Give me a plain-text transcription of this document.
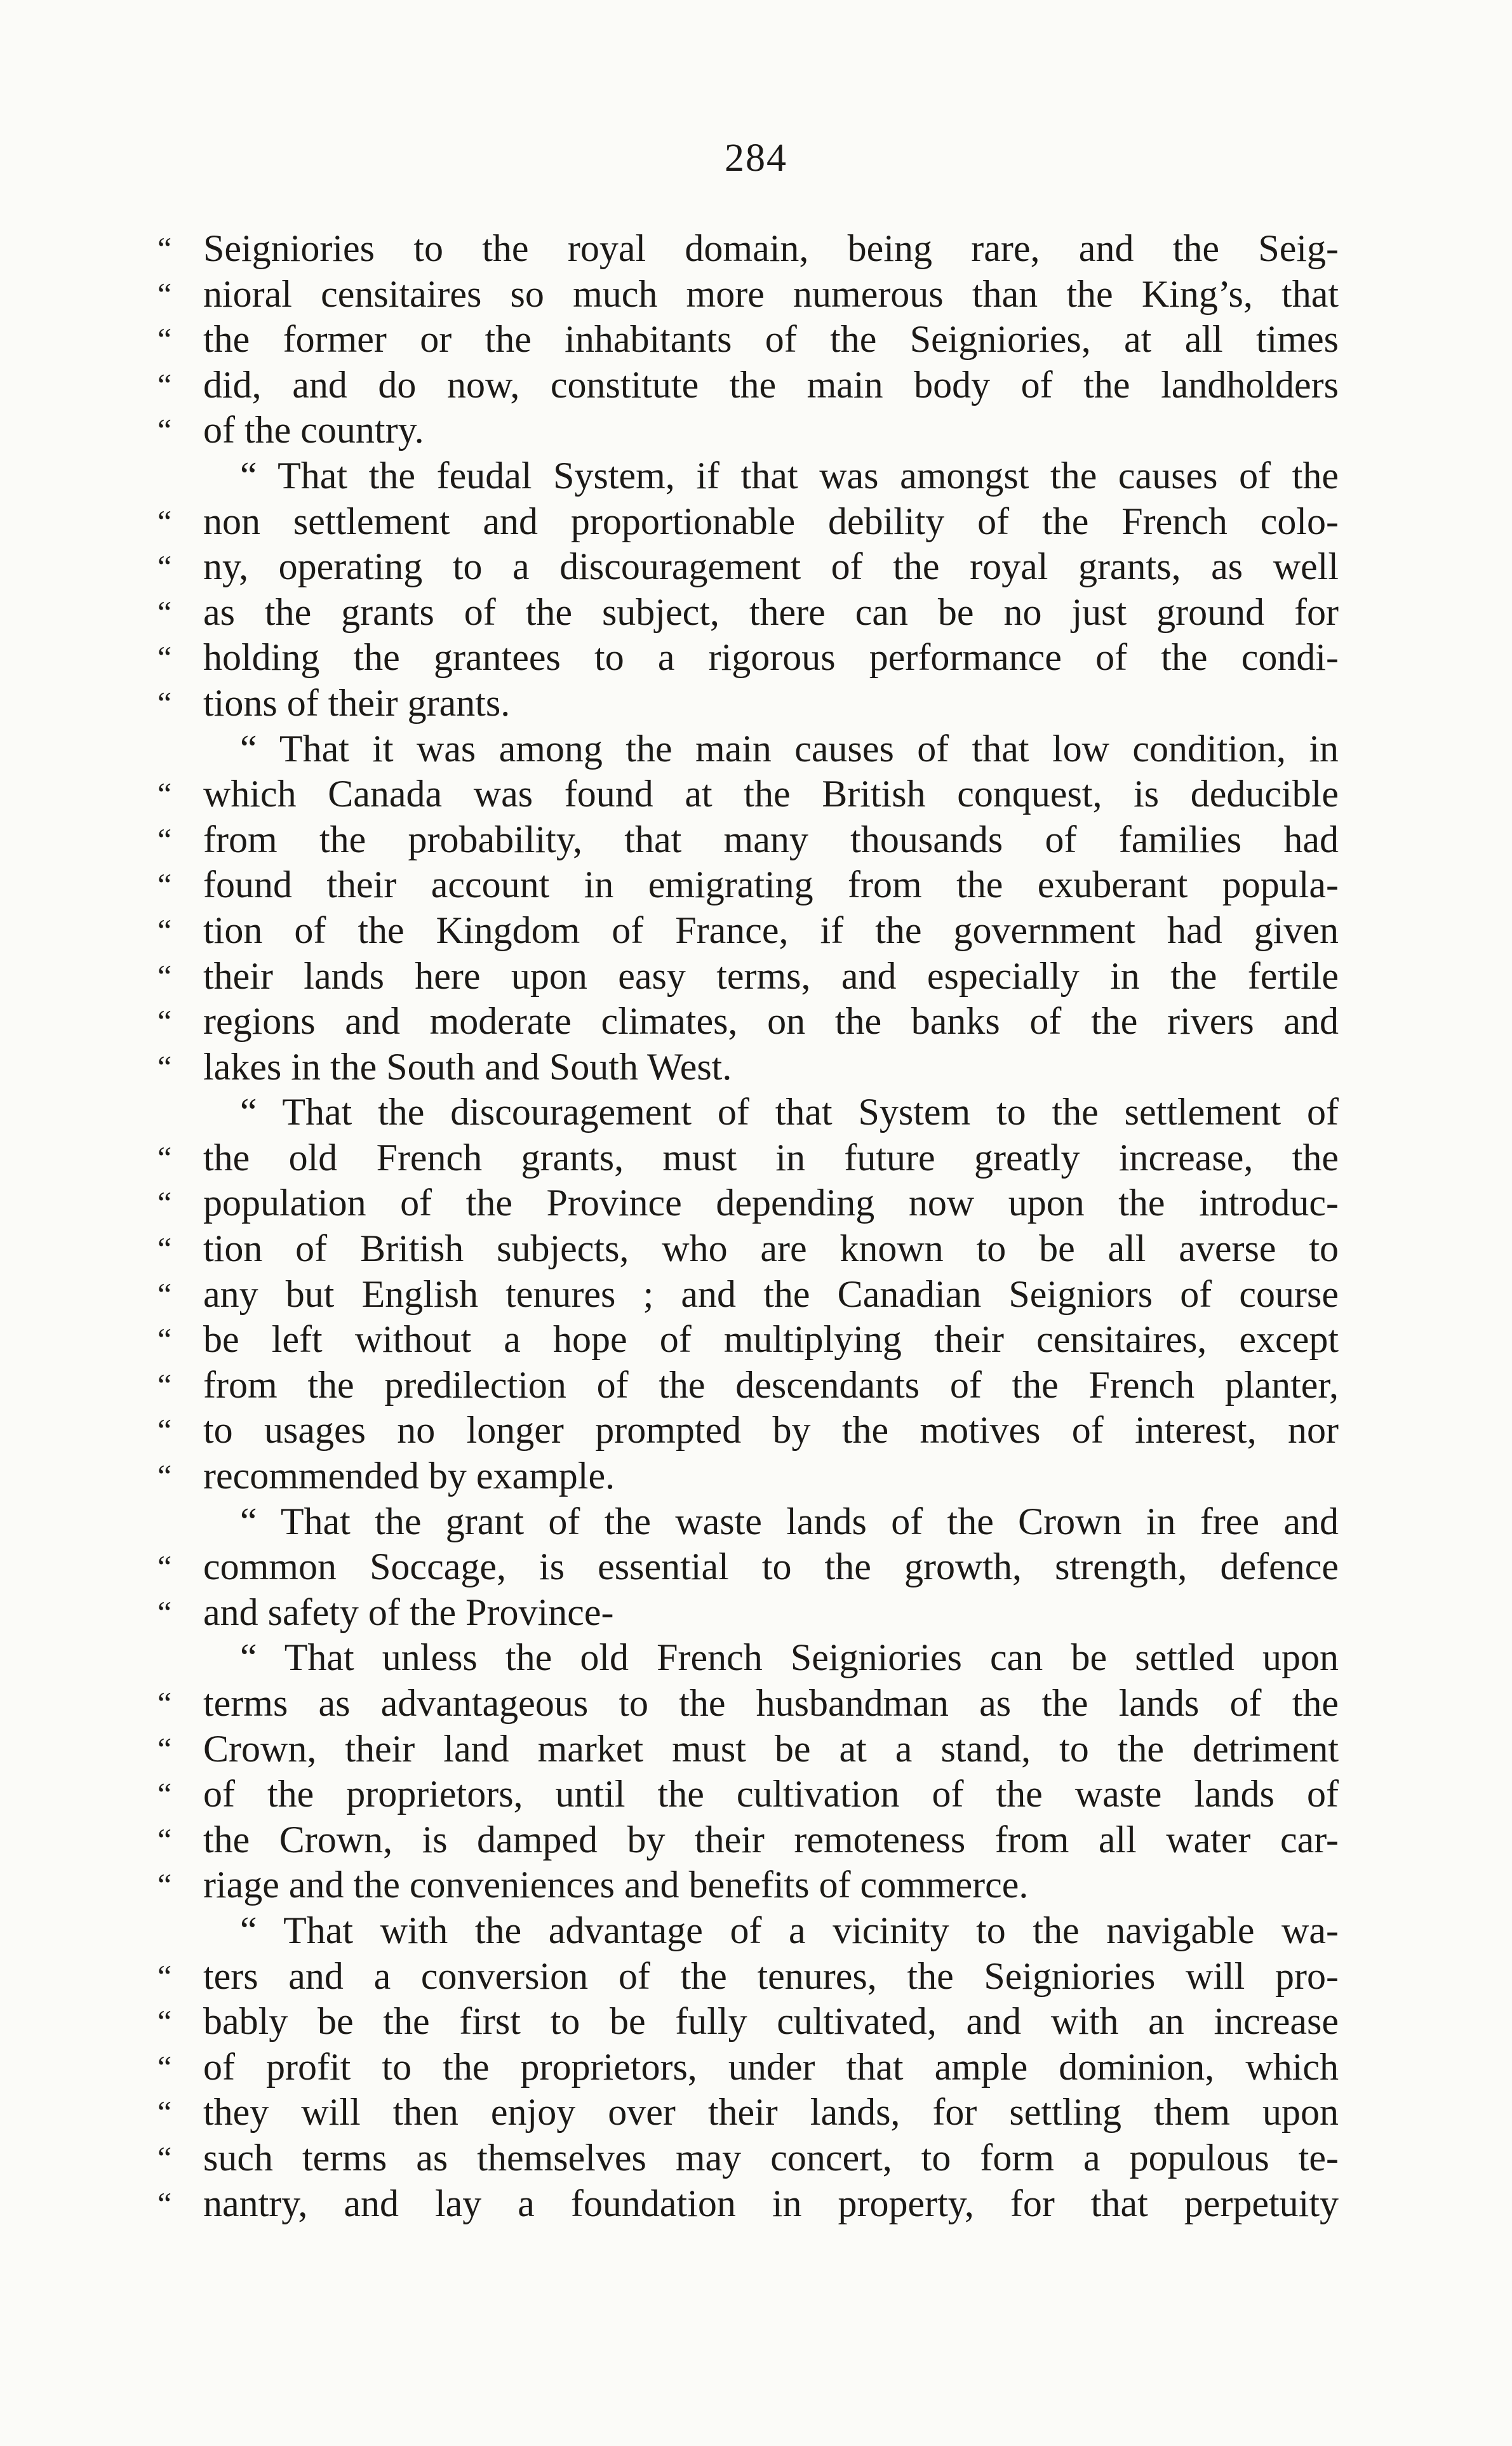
284
“ Seigniories to the royal domain, being rare, and the Seig-
“ nioral censitaires so much more numerous than the King’s, that
“ the former or the inhabitants of the Seigniories, at all times
“ did, and do now, constitute the main body of the landholders
“ of the country.
“ That the feudal System, if that was amongst the causes of the
“ non settlement and proportionable debility of the French colo-
“ ny, operating to a discouragement of the royal grants, as well
“ as the grants of the subject, there can be no just ground for
“ holding the grantees to a rigorous performance of the condi-
“ tions of their grants.
“ That it was among the main causes of that low condition, in
“ which Canada was found at the British conquest, is deducible
“ from the probability, that many thousands of families had
“ found their account in emigrating from the exuberant popula-
“ tion of the Kingdom of France, if the government had given
“ their lands here upon easy terms, and especially in the fertile
“ regions and moderate climates, on the banks of the rivers and
“ lakes in the South and South West.
“ That the discouragement of that System to the settlement of
“ the old French grants, must in future greatly increase, the
“ population of the Province depending now upon the introduc-
“ tion of British subjects, who are known to be all averse to
“ any but English tenures ; and the Canadian Seigniors of course
“ be left without a hope of multiplying their censitaires, except
“ from the predilection of the descendants of the French planter,
“ to usages no longer prompted by the motives of interest, nor
“ recommended by example.
“ That the grant of the waste lands of the Crown in free and
“ common Soccage, is essential to the growth, strength, defence
“ and safety of the Province-
“ That unless the old French Seigniories can be settled upon
“ terms as advantageous to the husbandman as the lands of the
“ Crown, their land market must be at a stand, to the detriment
“ of the proprietors, until the cultivation of the waste lands of
“ the Crown, is damped by their remoteness from all water car-
“ riage and the conveniences and benefits of commerce.
“ That with the advantage of a vicinity to the navigable wa-
“ ters and a conversion of the tenures, the Seigniories will pro-
“ bably be the first to be fully cultivated, and with an increase
“ of profit to the proprietors, under that ample dominion, which
“ they will then enjoy over their lands, for settling them upon
“ such terms as themselves may concert, to form a populous te-
“ nantry, and lay a foundation in property, for that perpetuity
